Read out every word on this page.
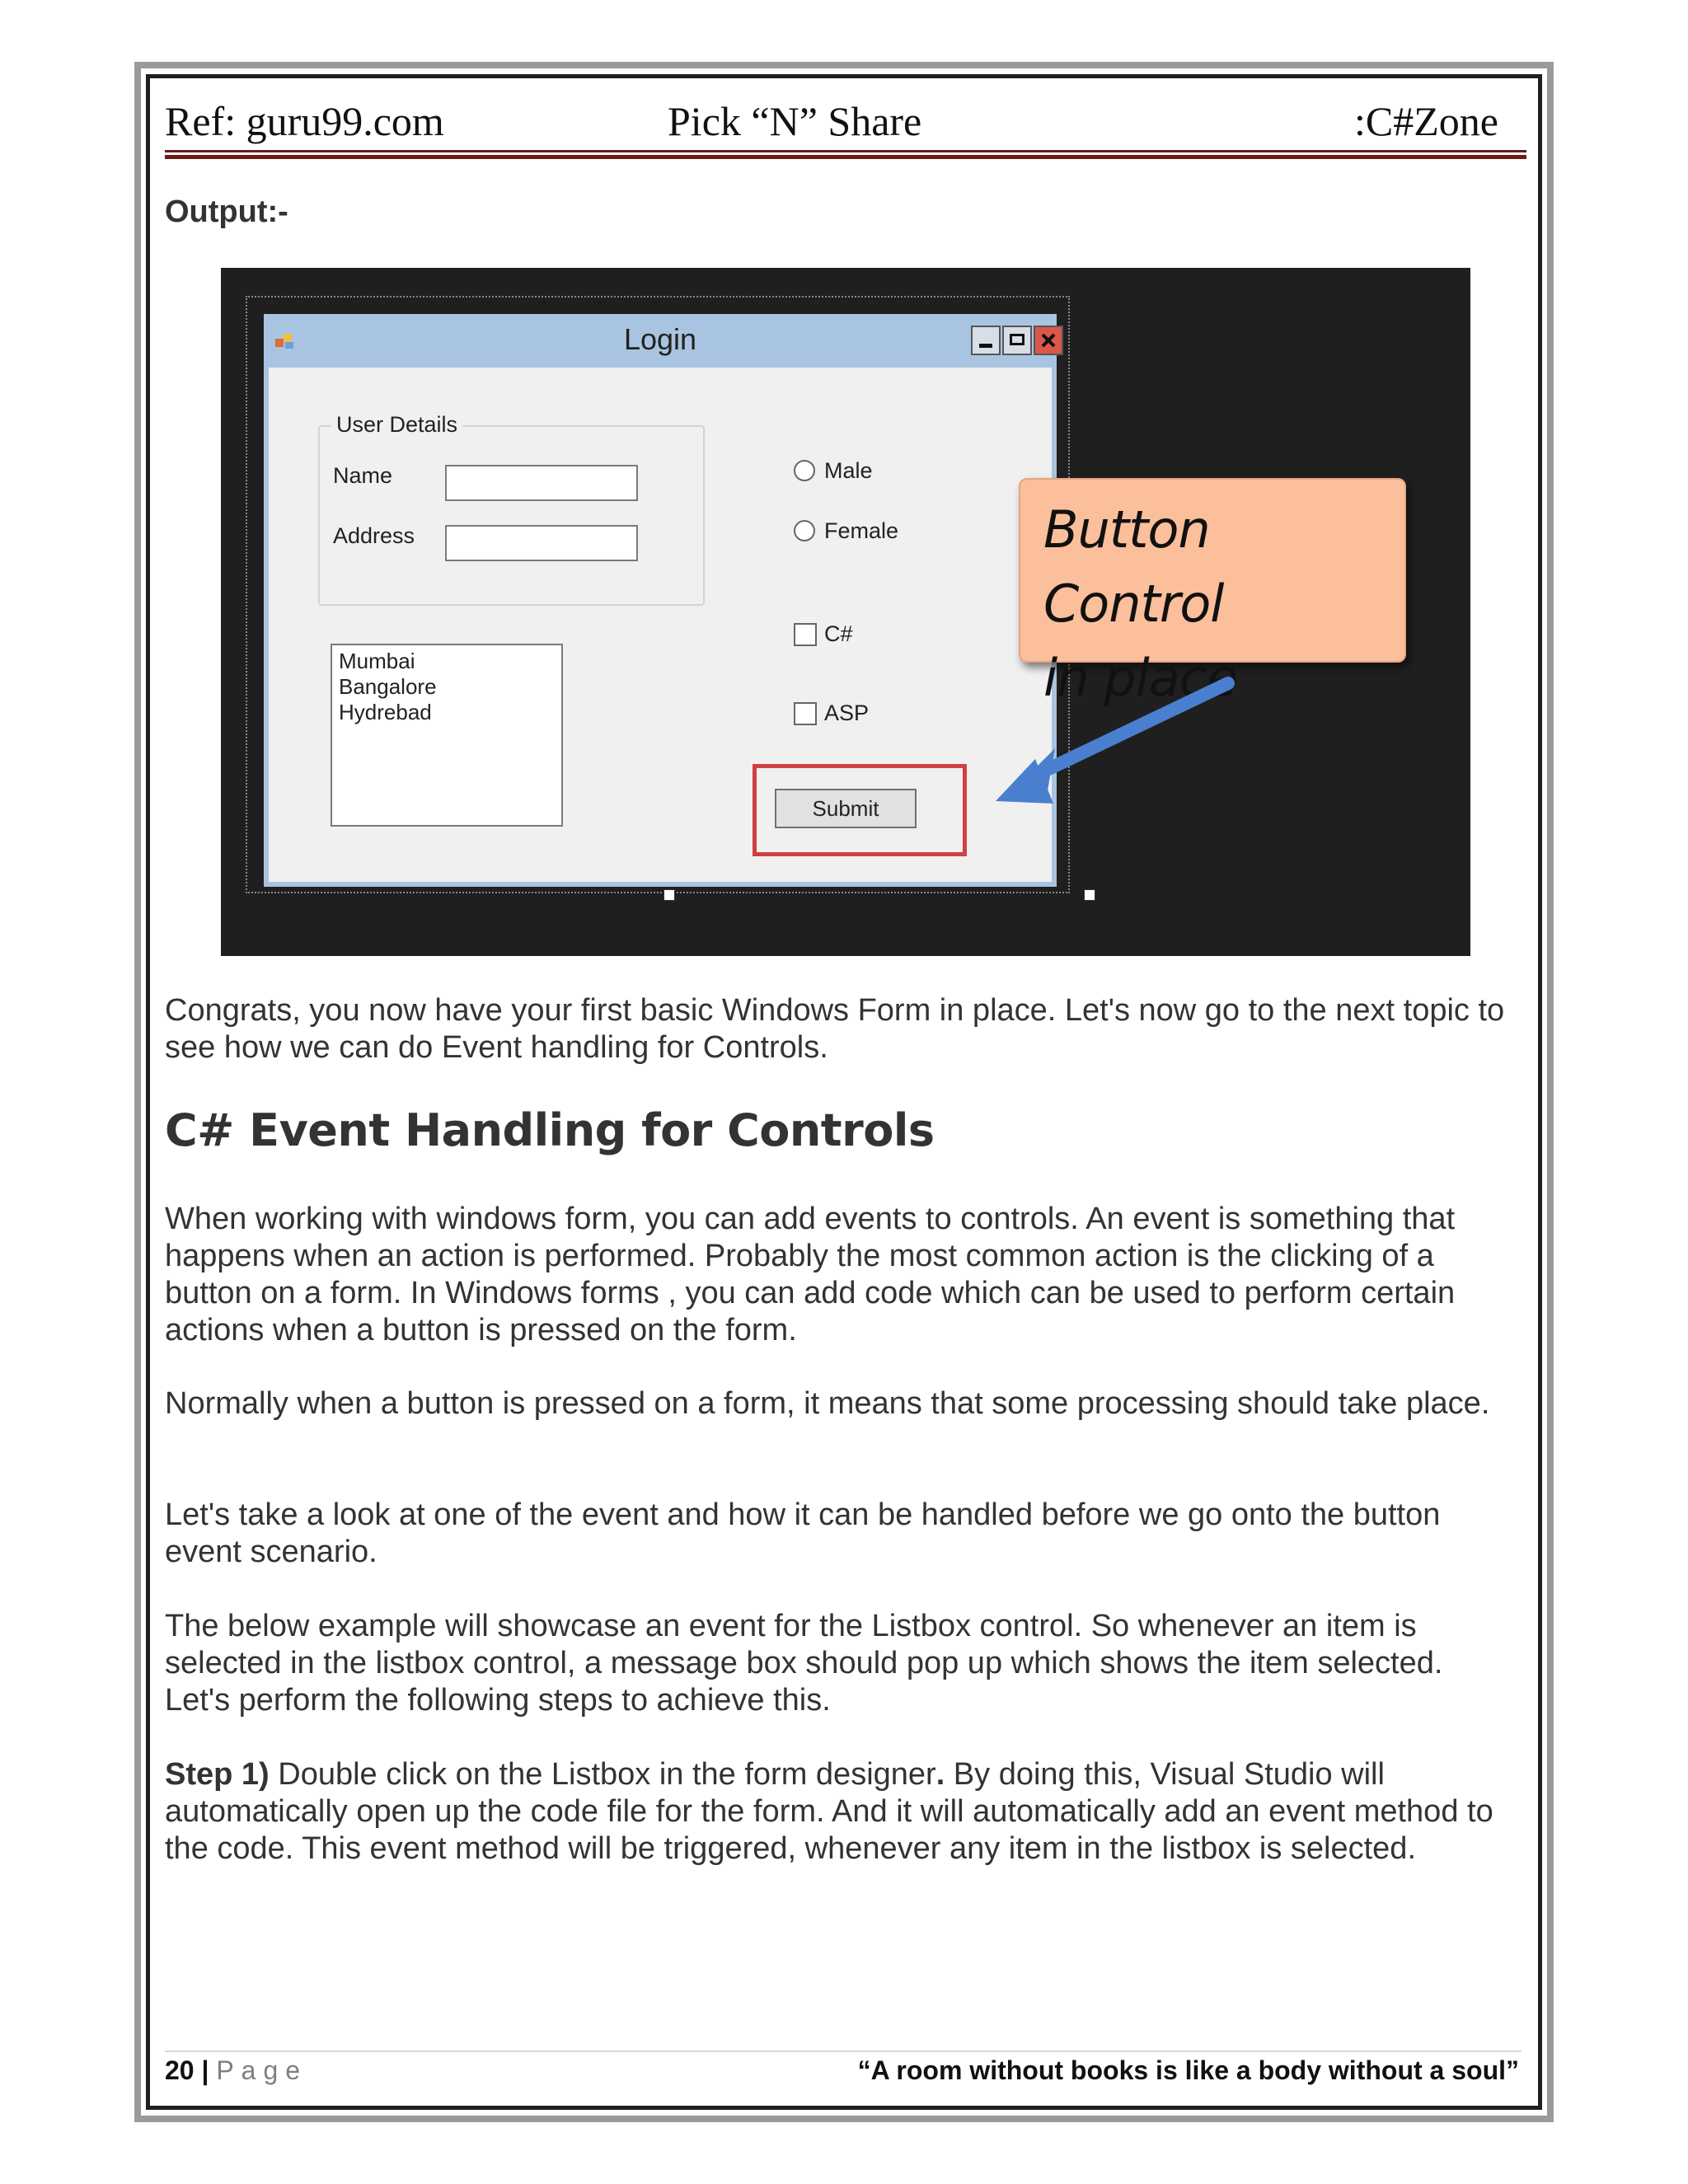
Ref: guru99.com	Pick “N” Share	:C#Zone
Output:-
Login
User Details
Name
Address
Mumbai
Bangalore
Hydrebad
Male
Female
C#
ASP
Submit
Button Control
in place
Congrats, you now have your first basic Windows Form in place. Let's now go to the next topic to see how we can do Event handling for Controls.
C# Event Handling for Controls
When working with windows form, you can add events to controls. An event is something that happens when an action is performed. Probably the most common action is the clicking of a button on a form. In Windows forms , you can add code which can be used to perform certain actions when a button is pressed on the form.
Normally when a button is pressed on a form, it means that some processing should take place.
Let's take a look at one of the event and how it can be handled before we go onto the button event scenario.
The below example will showcase an event for the Listbox control. So whenever an item is selected in the listbox control, a message box should pop up which shows the item selected. Let's perform the following steps to achieve this.
Step 1) Double click on the Listbox in the form designer. By doing this, Visual Studio will automatically open up the code file for the form. And it will automatically add an event method to the code. This event method will be triggered, whenever any item in the listbox is selected.
20 | Page	“A room without books is like a body without a soul”
